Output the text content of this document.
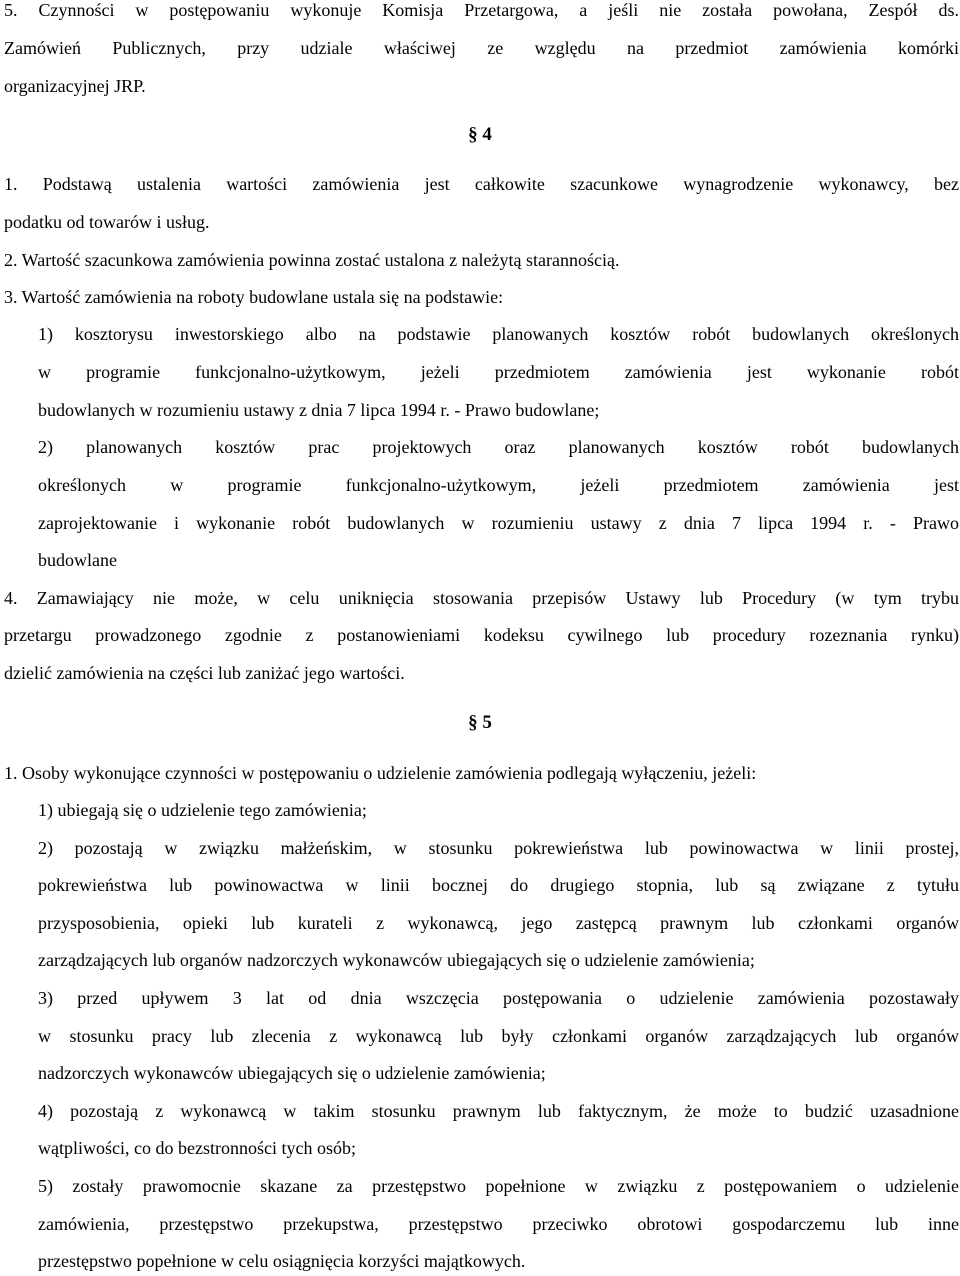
5. Czynności w postępowaniu wykonuje Komisja Przetargowa, a jeśli nie została powołana, Zespół ds.
Zamówień Publicznych, przy udziale właściwej ze względu na przedmiot zamówienia komórki
organizacyjnej JRP.
§ 4
1. Podstawą ustalenia wartości zamówienia jest całkowite szacunkowe wynagrodzenie wykonawcy, bez
podatku od towarów i usług.
2. Wartość szacunkowa zamówienia powinna zostać ustalona z należytą starannością.
3. Wartość zamówienia na roboty budowlane ustala się na podstawie:
1) kosztorysu inwestorskiego albo na podstawie planowanych kosztów robót budowlanych określonych
w programie funkcjonalno-użytkowym, jeżeli przedmiotem zamówienia jest wykonanie robót
budowlanych w rozumieniu ustawy z dnia 7 lipca 1994 r. - Prawo budowlane;
2) planowanych kosztów prac projektowych oraz planowanych kosztów robót budowlanych
określonych w programie funkcjonalno-użytkowym, jeżeli przedmiotem zamówienia jest
zaprojektowanie i wykonanie robót budowlanych w rozumieniu ustawy z dnia 7 lipca 1994 r. - Prawo
budowlane
4. Zamawiający nie może, w celu uniknięcia stosowania przepisów Ustawy lub Procedury (w tym trybu
przetargu prowadzonego zgodnie z postanowieniami kodeksu cywilnego lub procedury rozeznania rynku)
dzielić zamówienia na części lub zaniżać jego wartości.
§ 5
1. Osoby wykonujące czynności w postępowaniu o udzielenie zamówienia podlegają wyłączeniu, jeżeli:
1) ubiegają się o udzielenie tego zamówienia;
2) pozostają w związku małżeńskim, w stosunku pokrewieństwa lub powinowactwa w linii prostej,
pokrewieństwa lub powinowactwa w linii bocznej do drugiego stopnia, lub są związane z tytułu
przysposobienia, opieki lub kurateli z wykonawcą, jego zastępcą prawnym lub członkami organów
zarządzających lub organów nadzorczych wykonawców ubiegających się o udzielenie zamówienia;
3) przed upływem 3 lat od dnia wszczęcia postępowania o udzielenie zamówienia pozostawały
w stosunku pracy lub zlecenia z wykonawcą lub były członkami organów zarządzających lub organów
nadzorczych wykonawców ubiegających się o udzielenie zamówienia;
4) pozostają z wykonawcą w takim stosunku prawnym lub faktycznym, że może to budzić uzasadnione
wątpliwości, co do bezstronności tych osób;
5) zostały prawomocnie skazane za przestępstwo popełnione w związku z postępowaniem o udzielenie
zamówienia, przestępstwo przekupstwa, przestępstwo przeciwko obrotowi gospodarczemu lub inne
przestępstwo popełnione w celu osiągnięcia korzyści majątkowych.
